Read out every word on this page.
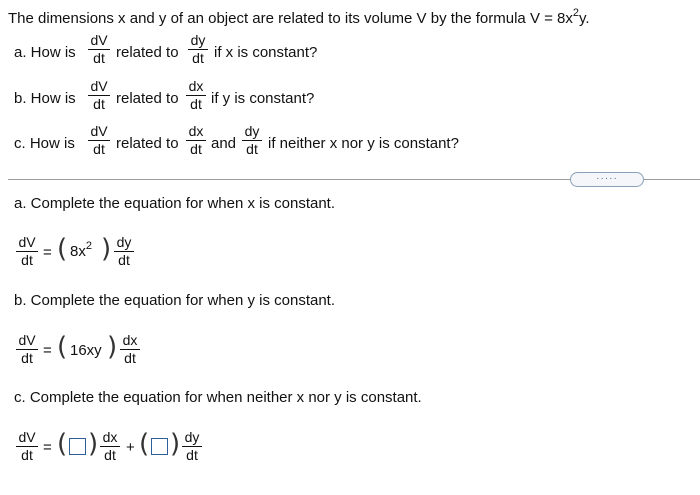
The dimensions x and y of an object are related to its volume V by the formula $V = 8x^2y$.
a. How is
dV
dt related to
dy
dt if x is constant?
b. How is
dV
dt related to
dx
dt if y is constant?
c. How is
dV
dt related to
dx
dt and
dy
dt if neither x nor y is constant?
·····
a. Complete the equation for when x is constant.
dV
dt = ( $8x^2$ ) dy
dt
b. Complete the equation for when y is constant.
dV
dt = ( 16xy ) dx
dt
c. Complete the equation for when neither x nor y is constant.
dV
dt = ( ) dx
dt + ( ) dy
dt
